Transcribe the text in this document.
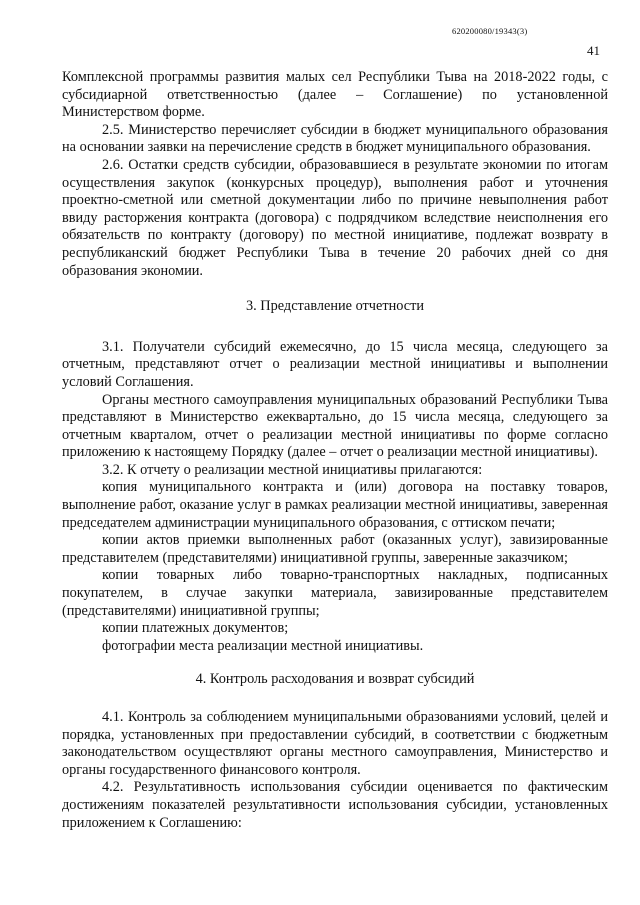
620200080/19343(3)
41

Комплексной программы развития малых сел Республики Тыва на 2018-2022 годы, с субсидиарной ответственностью (далее – Соглашение) по установленной Министерством форме.

2.5. Министерство перечисляет субсидии в бюджет муниципального образования на основании заявки на перечисление средств в бюджет муниципального образования.

2.6. Остатки средств субсидии, образовавшиеся в результате экономии по итогам осуществления закупок (конкурсных процедур), выполнения работ и уточнения проектно-сметной или сметной документации либо по причине невыполнения работ ввиду расторжения контракта (договора) с подрядчиком вследствие неисполнения его обязательств по контракту (договору) по местной инициативе, подлежат возврату в республиканский бюджет Республики Тыва в течение 20 рабочих дней со дня образования экономии.

3. Представление отчетности

3.1. Получатели субсидий ежемесячно, до 15 числа месяца, следующего за отчетным, представляют отчет о реализации местной инициативы и выполнении условий Соглашения.

Органы местного самоуправления муниципальных образований Республики Тыва представляют в Министерство ежеквартально, до 15 числа месяца, следующего за отчетным кварталом, отчет о реализации местной инициативы по форме согласно приложению к настоящему Порядку (далее – отчет о реализации местной инициативы).

3.2. К отчету о реализации местной инициативы прилагаются:

копия муниципального контракта и (или) договора на поставку товаров, выполнение работ, оказание услуг в рамках реализации местной инициативы, заверенная председателем администрации муниципального образования, с оттиском печати;

копии актов приемки выполненных работ (оказанных услуг), завизированные представителем (представителями) инициативной группы, заверенные заказчиком;

копии товарных либо товарно-транспортных накладных, подписанных покупателем, в случае закупки материала, завизированные представителем (представителями) инициативной группы;

копии платежных документов;

фотографии места реализации местной инициативы.

4. Контроль расходования и возврат субсидий

4.1. Контроль за соблюдением муниципальными образованиями условий, целей и порядка, установленных при предоставлении субсидий, в соответствии с бюджетным законодательством осуществляют органы местного самоуправления, Министерство и органы государственного финансового контроля.

4.2. Результативность использования субсидии оценивается по фактическим достижениям показателей результативности использования субсидии, установленных приложением к Соглашению:
